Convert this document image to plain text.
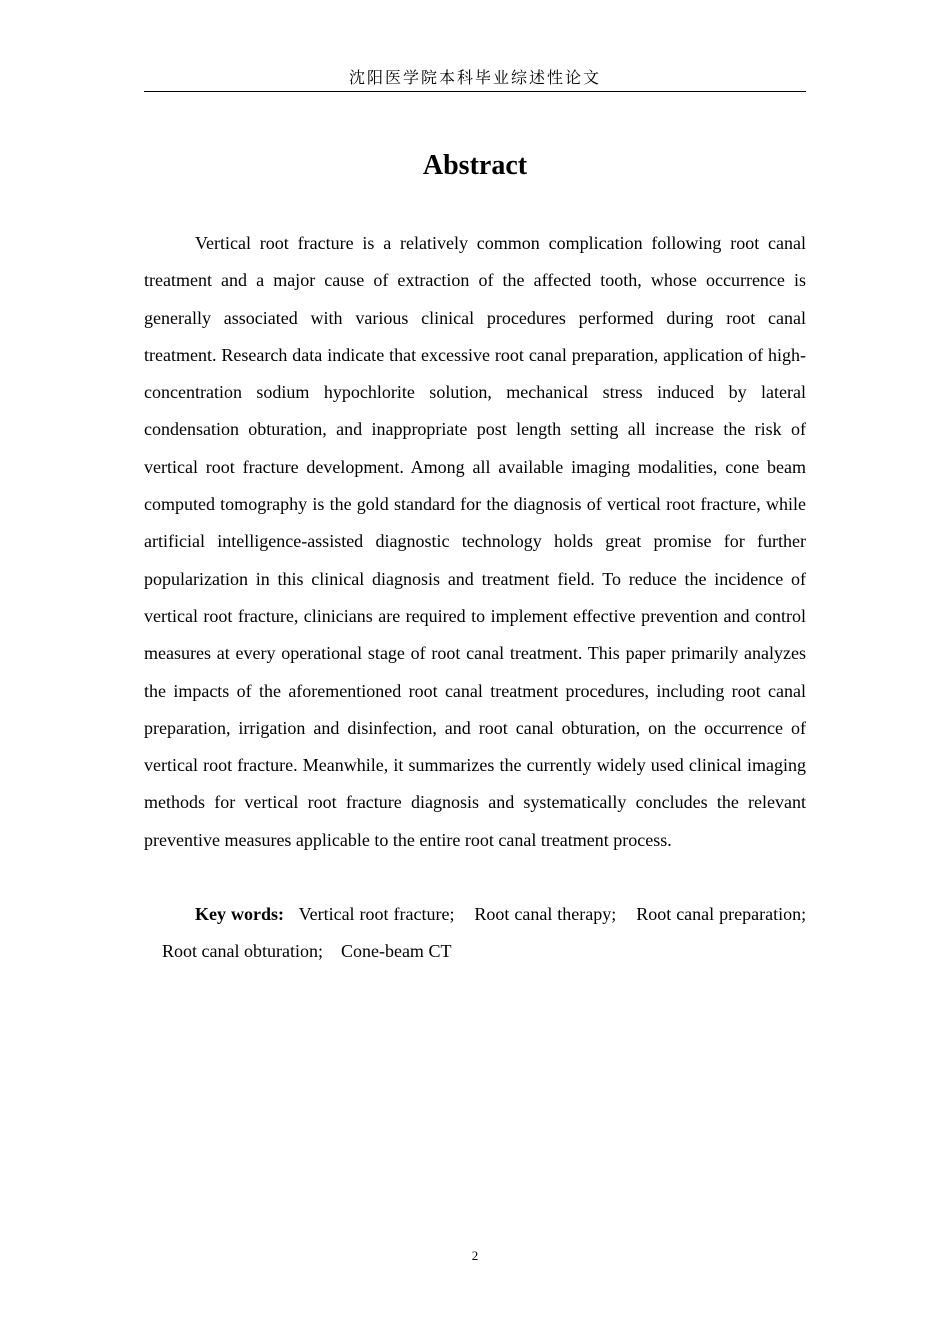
沈阳医学院本科毕业综述性论文
Abstract

Vertical root fracture is a relatively common complication following root canal treatment and a major cause of extraction of the affected tooth, whose occurrence is generally associated with various clinical procedures performed during root canal treatment. Research data indicate that excessive root canal preparation, application of high-concentration sodium hypochlorite solution, mechanical stress induced by lateral condensation obturation, and inappropriate post length setting all increase the risk of vertical root fracture development. Among all available imaging modalities, cone beam computed tomography is the gold standard for the diagnosis of vertical root fracture, while artificial intelligence-assisted diagnostic technology holds great promise for further popularization in this clinical diagnosis and treatment field. To reduce the incidence of vertical root fracture, clinicians are required to implement effective prevention and control measures at every operational stage of root canal treatment. This paper primarily analyzes the impacts of the aforementioned root canal treatment procedures, including root canal preparation, irrigation and disinfection, and root canal obturation, on the occurrence of vertical root fracture. Meanwhile, it summarizes the currently widely used clinical imaging methods for vertical root fracture diagnosis and systematically concludes the relevant preventive measures applicable to the entire root canal treatment process.

Key words: Vertical root fracture; Root canal therapy; Root canal preparation;     Root canal obturation; Cone-beam CT
2
